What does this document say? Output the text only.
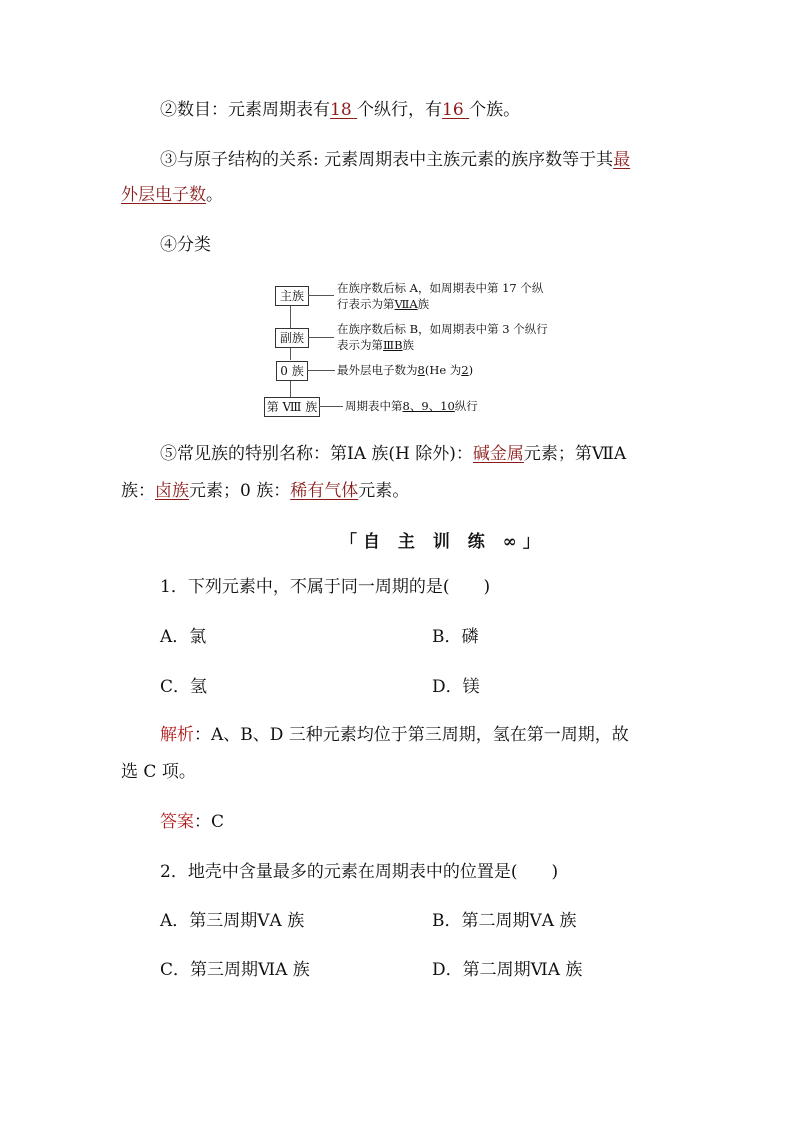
②数目：元素周期表有18 个纵行，有16 个族。
③与原子结构的关系: 元素周期表中主族元素的族序数等于其最
外层电子数。
④分类
主族
在族序数后标 A，如周期表中第 17 个纵
行表示为第ⅦA族
副族
在族序数后标 B，如周期表中第 3 个纵行
表示为第ⅢB族
0 族	最外层电子数为8(He 为2)
第 Ⅷ 族 周期表中第8、9、10纵行
⑤常见族的特别名称：第ⅠA 族(H 除外)：碱金属元素；第ⅦA
族：卤族元素；0 族：稀有气体元素。
「自 主 训 练 ∞」
1．下列元素中，不属于同一周期的是(　　)
A．氯	B．磷
C．氢	D．镁
解析：A、B、D 三种元素均位于第三周期，氢在第一周期，故
选 C 项。
答案：C
2．地壳中含量最多的元素在周期表中的位置是(　　)
A．第三周期ⅤA 族	B．第二周期ⅤA 族
C．第三周期ⅥA 族	D．第二周期ⅥA 族
